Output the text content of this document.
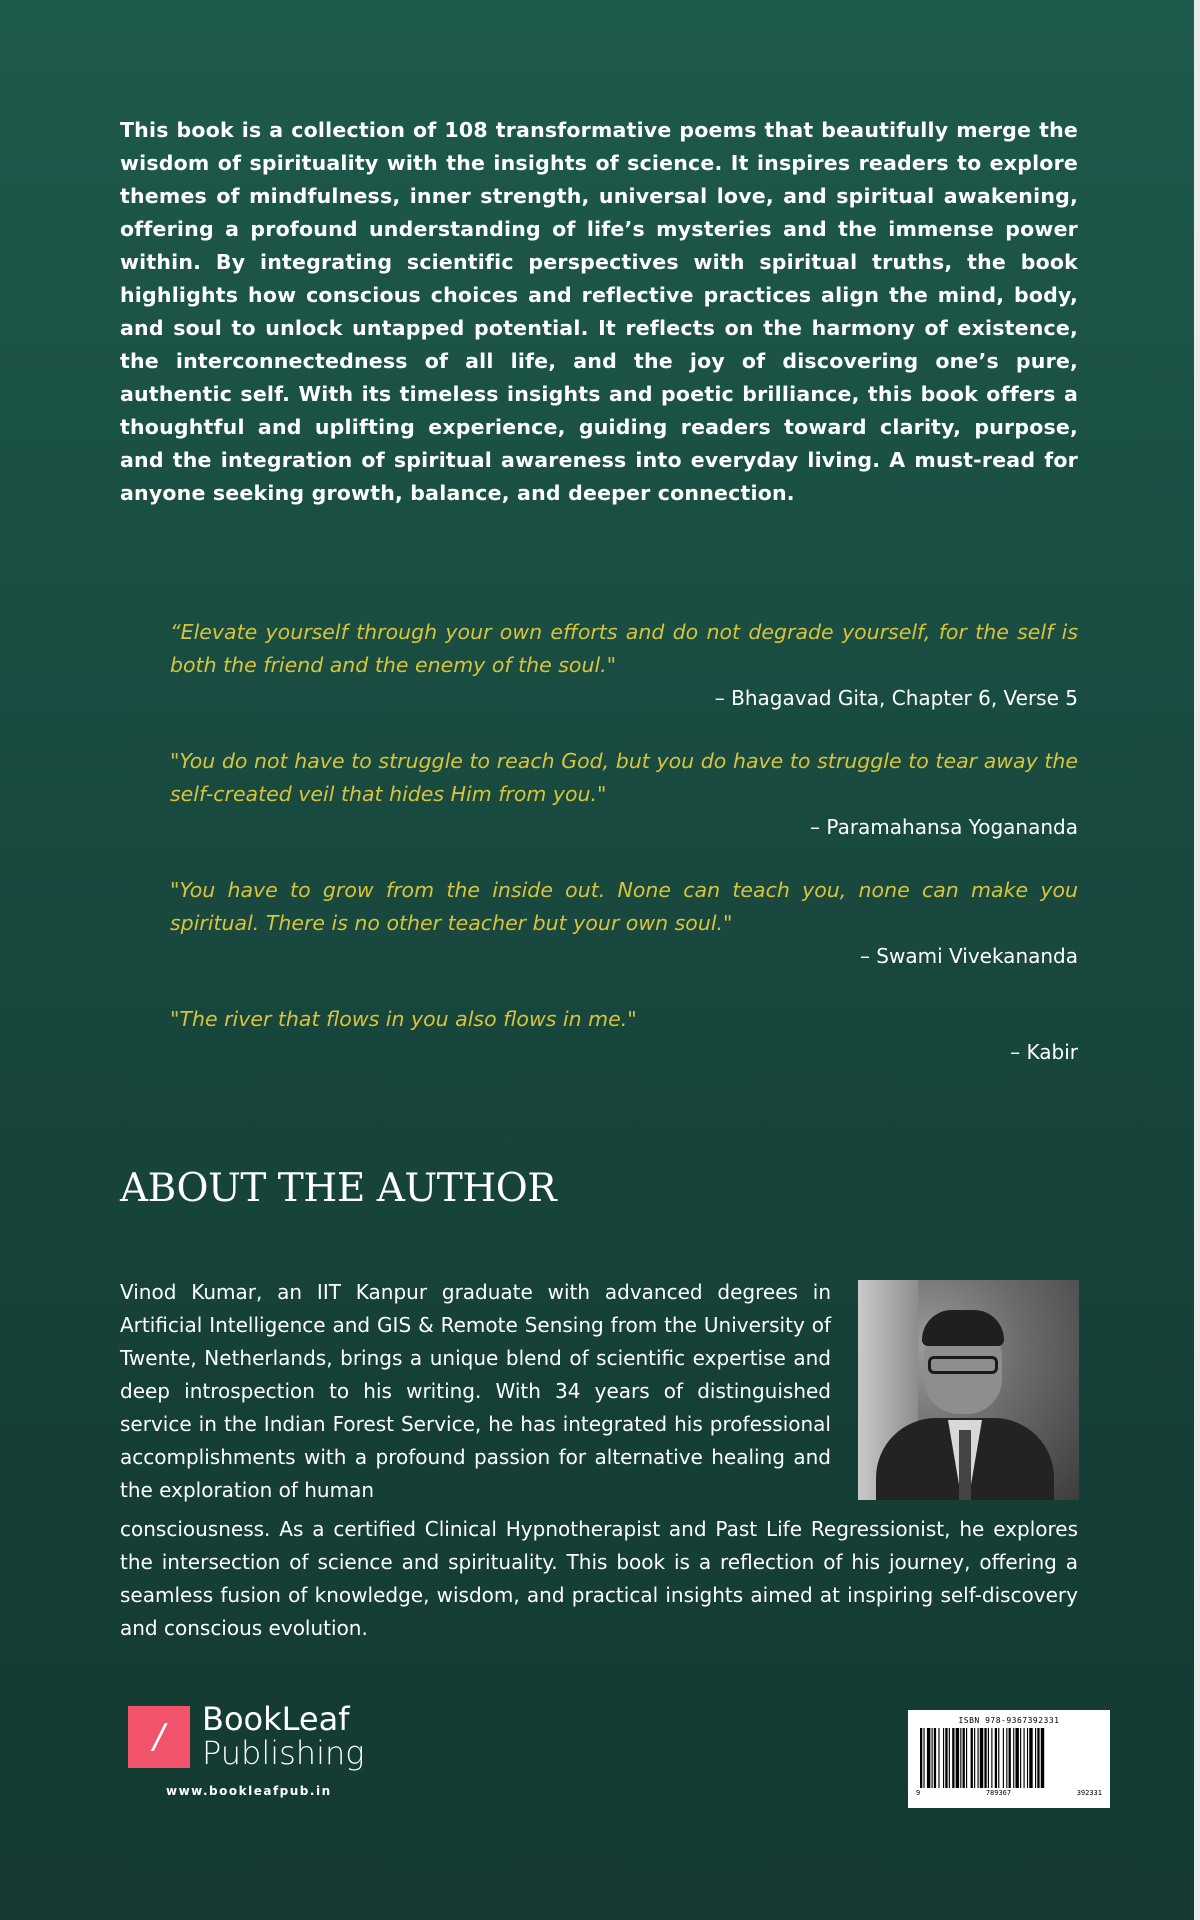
This book is a collection of 108 transformative poems that beautifully merge the wisdom of spirituality with the insights of science. It inspires readers to explore themes of mindfulness, inner strength, universal love, and spiritual awakening, offering a profound understanding of life’s mysteries and the immense power within. By integrating scientific perspectives with spiritual truths, the book highlights how conscious choices and reflective practices align the mind, body, and soul to unlock untapped potential. It reflects on the harmony of existence, the interconnectedness of all life, and the joy of discovering one’s pure, authentic self. With its timeless insights and poetic brilliance, this book offers a thoughtful and uplifting experience, guiding readers toward clarity, purpose, and the integration of spiritual awareness into everyday living. A must-read for anyone seeking growth, balance, and deeper connection.

“Elevate yourself through your own efforts and do not degrade yourself, for the self is both the friend and the enemy of the soul."

– Bhagavad Gita, Chapter 6, Verse 5

"You do not have to struggle to reach God, but you do have to struggle to tear away the self-created veil that hides Him from you."

– Paramahansa Yogananda

"You have to grow from the inside out. None can teach you, none can make you spiritual. There is no other teacher but your own soul."

– Swami Vivekananda

"The river that flows in you also flows in me."

– Kabir

ABOUT THE AUTHOR

Vinod Kumar, an IIT Kanpur graduate with advanced degrees in Artificial Intelligence and GIS & Remote Sensing from the University of Twente, Netherlands, brings a unique blend of scientific expertise and deep introspection to his writing. With 34 years of distinguished service in the Indian Forest Service, he has integrated his professional accomplishments with a profound passion for alternative healing and the exploration of human

consciousness. As a certified Clinical Hypnotherapist and Past Life Regressionist, he explores the intersection of science and spirituality. This book is a reflection of his journey, offering a seamless fusion of knowledge, wisdom, and practical insights aimed at inspiring self-discovery and conscious evolution.

/	BookLeaf
Publishing
www.bookleafpub.in

ISBN 978-9367392331

9	789367	392331
